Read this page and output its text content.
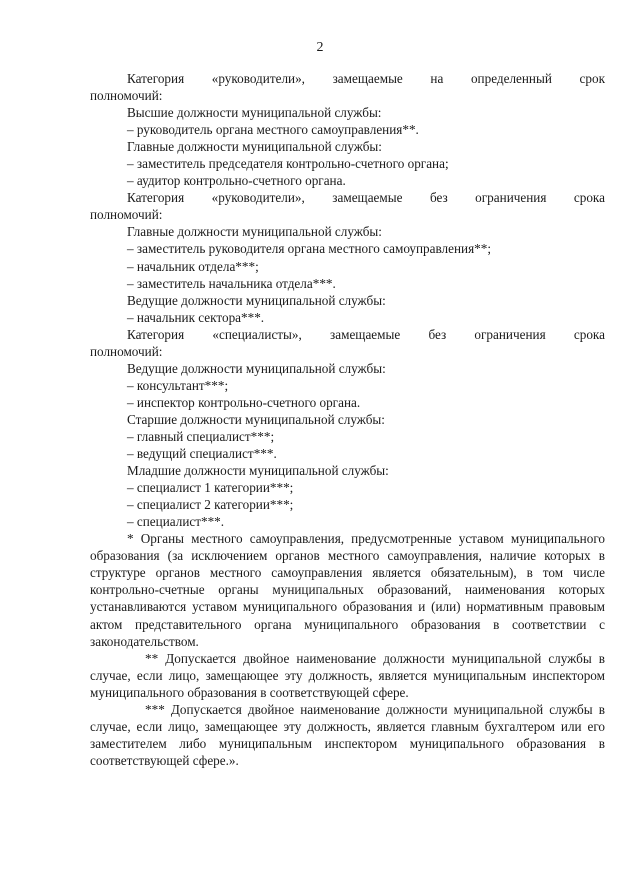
2

Категория «руководители», замещаемые на определенный срок

полномочий:

Высшие должности муниципальной службы:

– руководитель органа местного самоуправления**.

Главные должности муниципальной службы:

– заместитель председателя контрольно-счетного органа;

– аудитор контрольно-счетного органа.

Категория «руководители», замещаемые без ограничения срока

полномочий:

Главные должности муниципальной службы:

– заместитель руководителя органа местного самоуправления**;

– начальник отдела***;

– заместитель начальника отдела***.

Ведущие должности муниципальной службы:

– начальник сектора***.

Категория «специалисты», замещаемые без ограничения срока

полномочий:

Ведущие должности муниципальной службы:

– консультант***;

– инспектор контрольно-счетного органа.

Старшие должности муниципальной службы:

– главный специалист***;

– ведущий специалист***.

Младшие должности муниципальной службы:

– специалист 1 категории***;

– специалист 2 категории***;

– специалист***.

* Органы местного самоуправления, предусмотренные уставом муниципального образования (за исключением органов местного самоуправления, наличие которых в структуре органов местного самоуправления является обязательным), в том числе контрольно-счетные органы муниципальных образований, наименования которых устанавливаются уставом муниципального образования и (или) нормативным правовым актом представительного органа муниципального образования в соответствии с законодательством.

** Допускается двойное наименование должности муниципальной службы в случае, если лицо, замещающее эту должность, является муниципальным инспектором муниципального образования в соответствующей сфере.

*** Допускается двойное наименование должности муниципальной службы в случае, если лицо, замещающее эту должность, является главным бухгалтером или его заместителем либо муниципальным инспектором муниципального образования в соответствующей сфере.».
